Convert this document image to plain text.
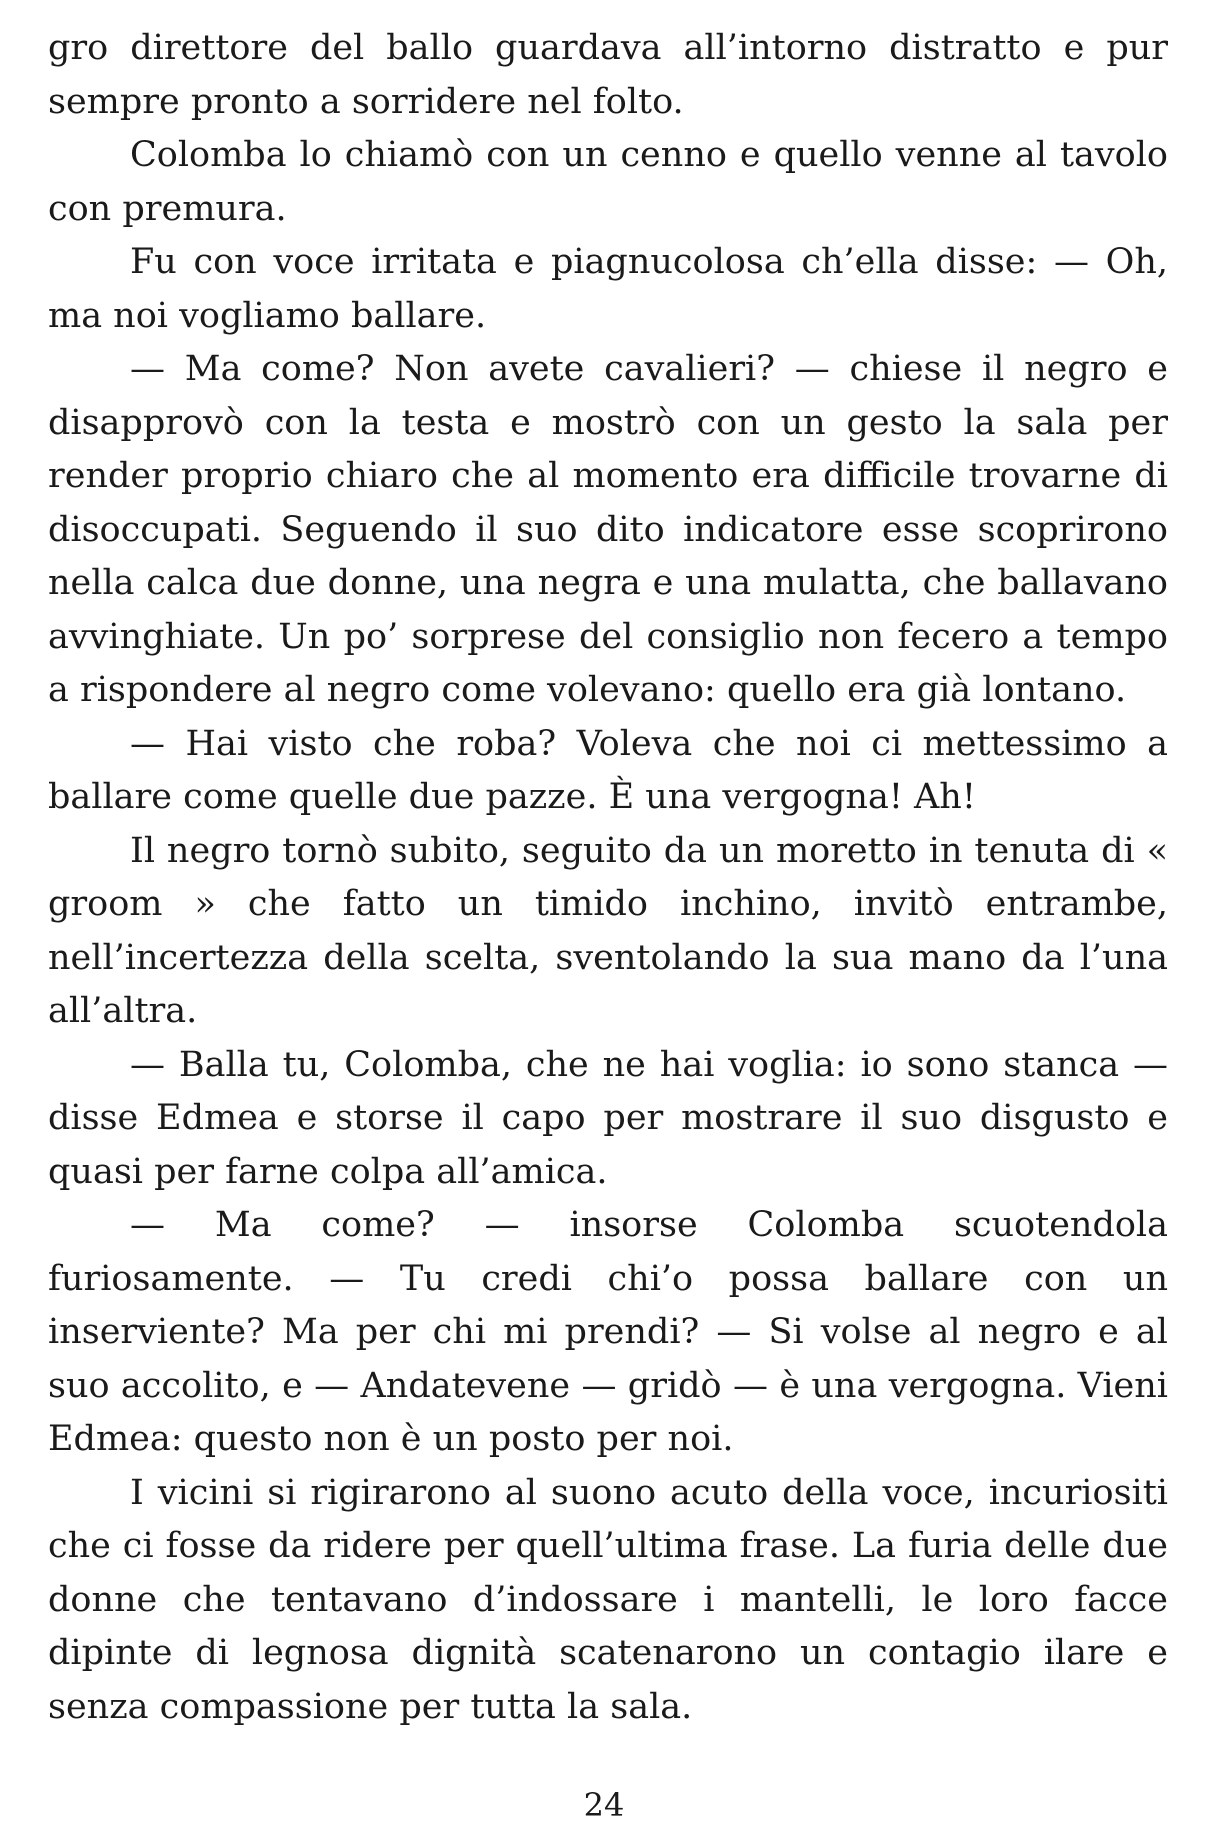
gro direttore del ballo guardava all’intorno distratto e pur sempre pronto a sorridere nel folto.

Colomba lo chiamò con un cenno e quello venne al tavolo con premura.

Fu con voce irritata e piagnucolosa ch’ella disse: — Oh, ma noi vogliamo ballare.

— Ma come? Non avete cavalieri? — chiese il negro e disapprovò con la testa e mostrò con un gesto la sala per render proprio chiaro che al momento era difficile trovarne di disoccupati. Seguendo il suo dito indicatore esse scoprirono nella calca due donne, una negra e una mulatta, che ballavano avvinghiate. Un po’ sorprese del consiglio non fecero a tempo a rispondere al negro come volevano: quello era già lontano.

— Hai visto che roba? Voleva che noi ci mettessimo a ballare come quelle due pazze. È una vergogna! Ah!

Il negro tornò subito, seguito da un moretto in tenuta di « groom » che fatto un timido inchino, invitò entrambe, nell’incertezza della scelta, sventolando la sua mano da l’una all’altra.

— Balla tu, Colomba, che ne hai voglia: io sono stanca — disse Edmea e storse il capo per mostrare il suo disgusto e quasi per farne colpa all’amica.

— Ma come? — insorse Colomba scuotendola furiosamente. — Tu credi chi’o possa ballare con un inserviente? Ma per chi mi prendi? — Si volse al negro e al suo accolito, e — Andatevene — gridò — è una vergogna. Vieni Edmea: questo non è un posto per noi.

I vicini si rigirarono al suono acuto della voce, incuriositi che ci fosse da ridere per quell’ultima frase. La furia delle due donne che tentavano d’indossare i mantelli, le loro facce dipinte di legnosa dignità scatenarono un contagio ilare e senza compassione per tutta la sala.

24
